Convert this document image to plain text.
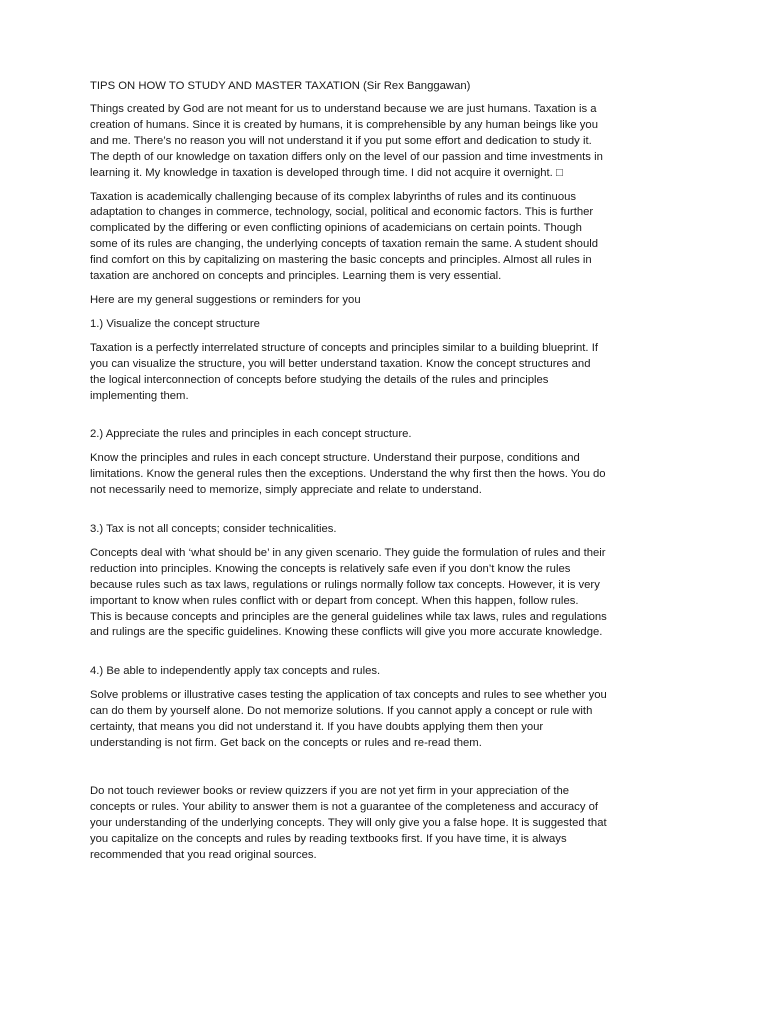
TIPS ON HOW TO STUDY AND MASTER TAXATION (Sir Rex Banggawan)

Things created by God are not meant for us to understand because we are just humans. Taxation is a
creation of humans. Since it is created by humans, it is comprehensible by any human beings like you
and me. There’s no reason you will not understand it if you put some effort and dedication to study it.
The depth of our knowledge on taxation differs only on the level of our passion and time investments in
learning it. My knowledge in taxation is developed through time. I did not acquire it overnight. □

Taxation is academically challenging because of its complex labyrinths of rules and its continuous
adaptation to changes in commerce, technology, social, political and economic factors. This is further
complicated by the differing or even conflicting opinions of academicians on certain points. Though
some of its rules are changing, the underlying concepts of taxation remain the same. A student should
find comfort on this by capitalizing on mastering the basic concepts and principles. Almost all rules in
taxation are anchored on concepts and principles. Learning them is very essential.

Here are my general suggestions or reminders for you

1.) Visualize the concept structure

Taxation is a perfectly interrelated structure of concepts and principles similar to a building blueprint. If
you can visualize the structure, you will better understand taxation. Know the concept structures and
the logical interconnection of concepts before studying the details of the rules and principles
implementing them.

2.) Appreciate the rules and principles in each concept structure.

Know the principles and rules in each concept structure. Understand their purpose, conditions and
limitations. Know the general rules then the exceptions. Understand the why first then the hows. You do
not necessarily need to memorize, simply appreciate and relate to understand.

3.) Tax is not all concepts; consider technicalities.

Concepts deal with ‘what should be’ in any given scenario. They guide the formulation of rules and their
reduction into principles. Knowing the concepts is relatively safe even if you don’t know the rules
because rules such as tax laws, regulations or rulings normally follow tax concepts. However, it is very
important to know when rules conflict with or depart from concept. When this happen, follow rules.
This is because concepts and principles are the general guidelines while tax laws, rules and regulations
and rulings are the specific guidelines. Knowing these conflicts will give you more accurate knowledge.

4.) Be able to independently apply tax concepts and rules.

Solve problems or illustrative cases testing the application of tax concepts and rules to see whether you
can do them by yourself alone. Do not memorize solutions. If you cannot apply a concept or rule with
certainty, that means you did not understand it. If you have doubts applying them then your
understanding is not firm. Get back on the concepts or rules and re-read them.

Do not touch reviewer books or review quizzers if you are not yet firm in your appreciation of the
concepts or rules. Your ability to answer them is not a guarantee of the completeness and accuracy of
your understanding of the underlying concepts. They will only give you a false hope. It is suggested that
you capitalize on the concepts and rules by reading textbooks first. If you have time, it is always
recommended that you read original sources.
